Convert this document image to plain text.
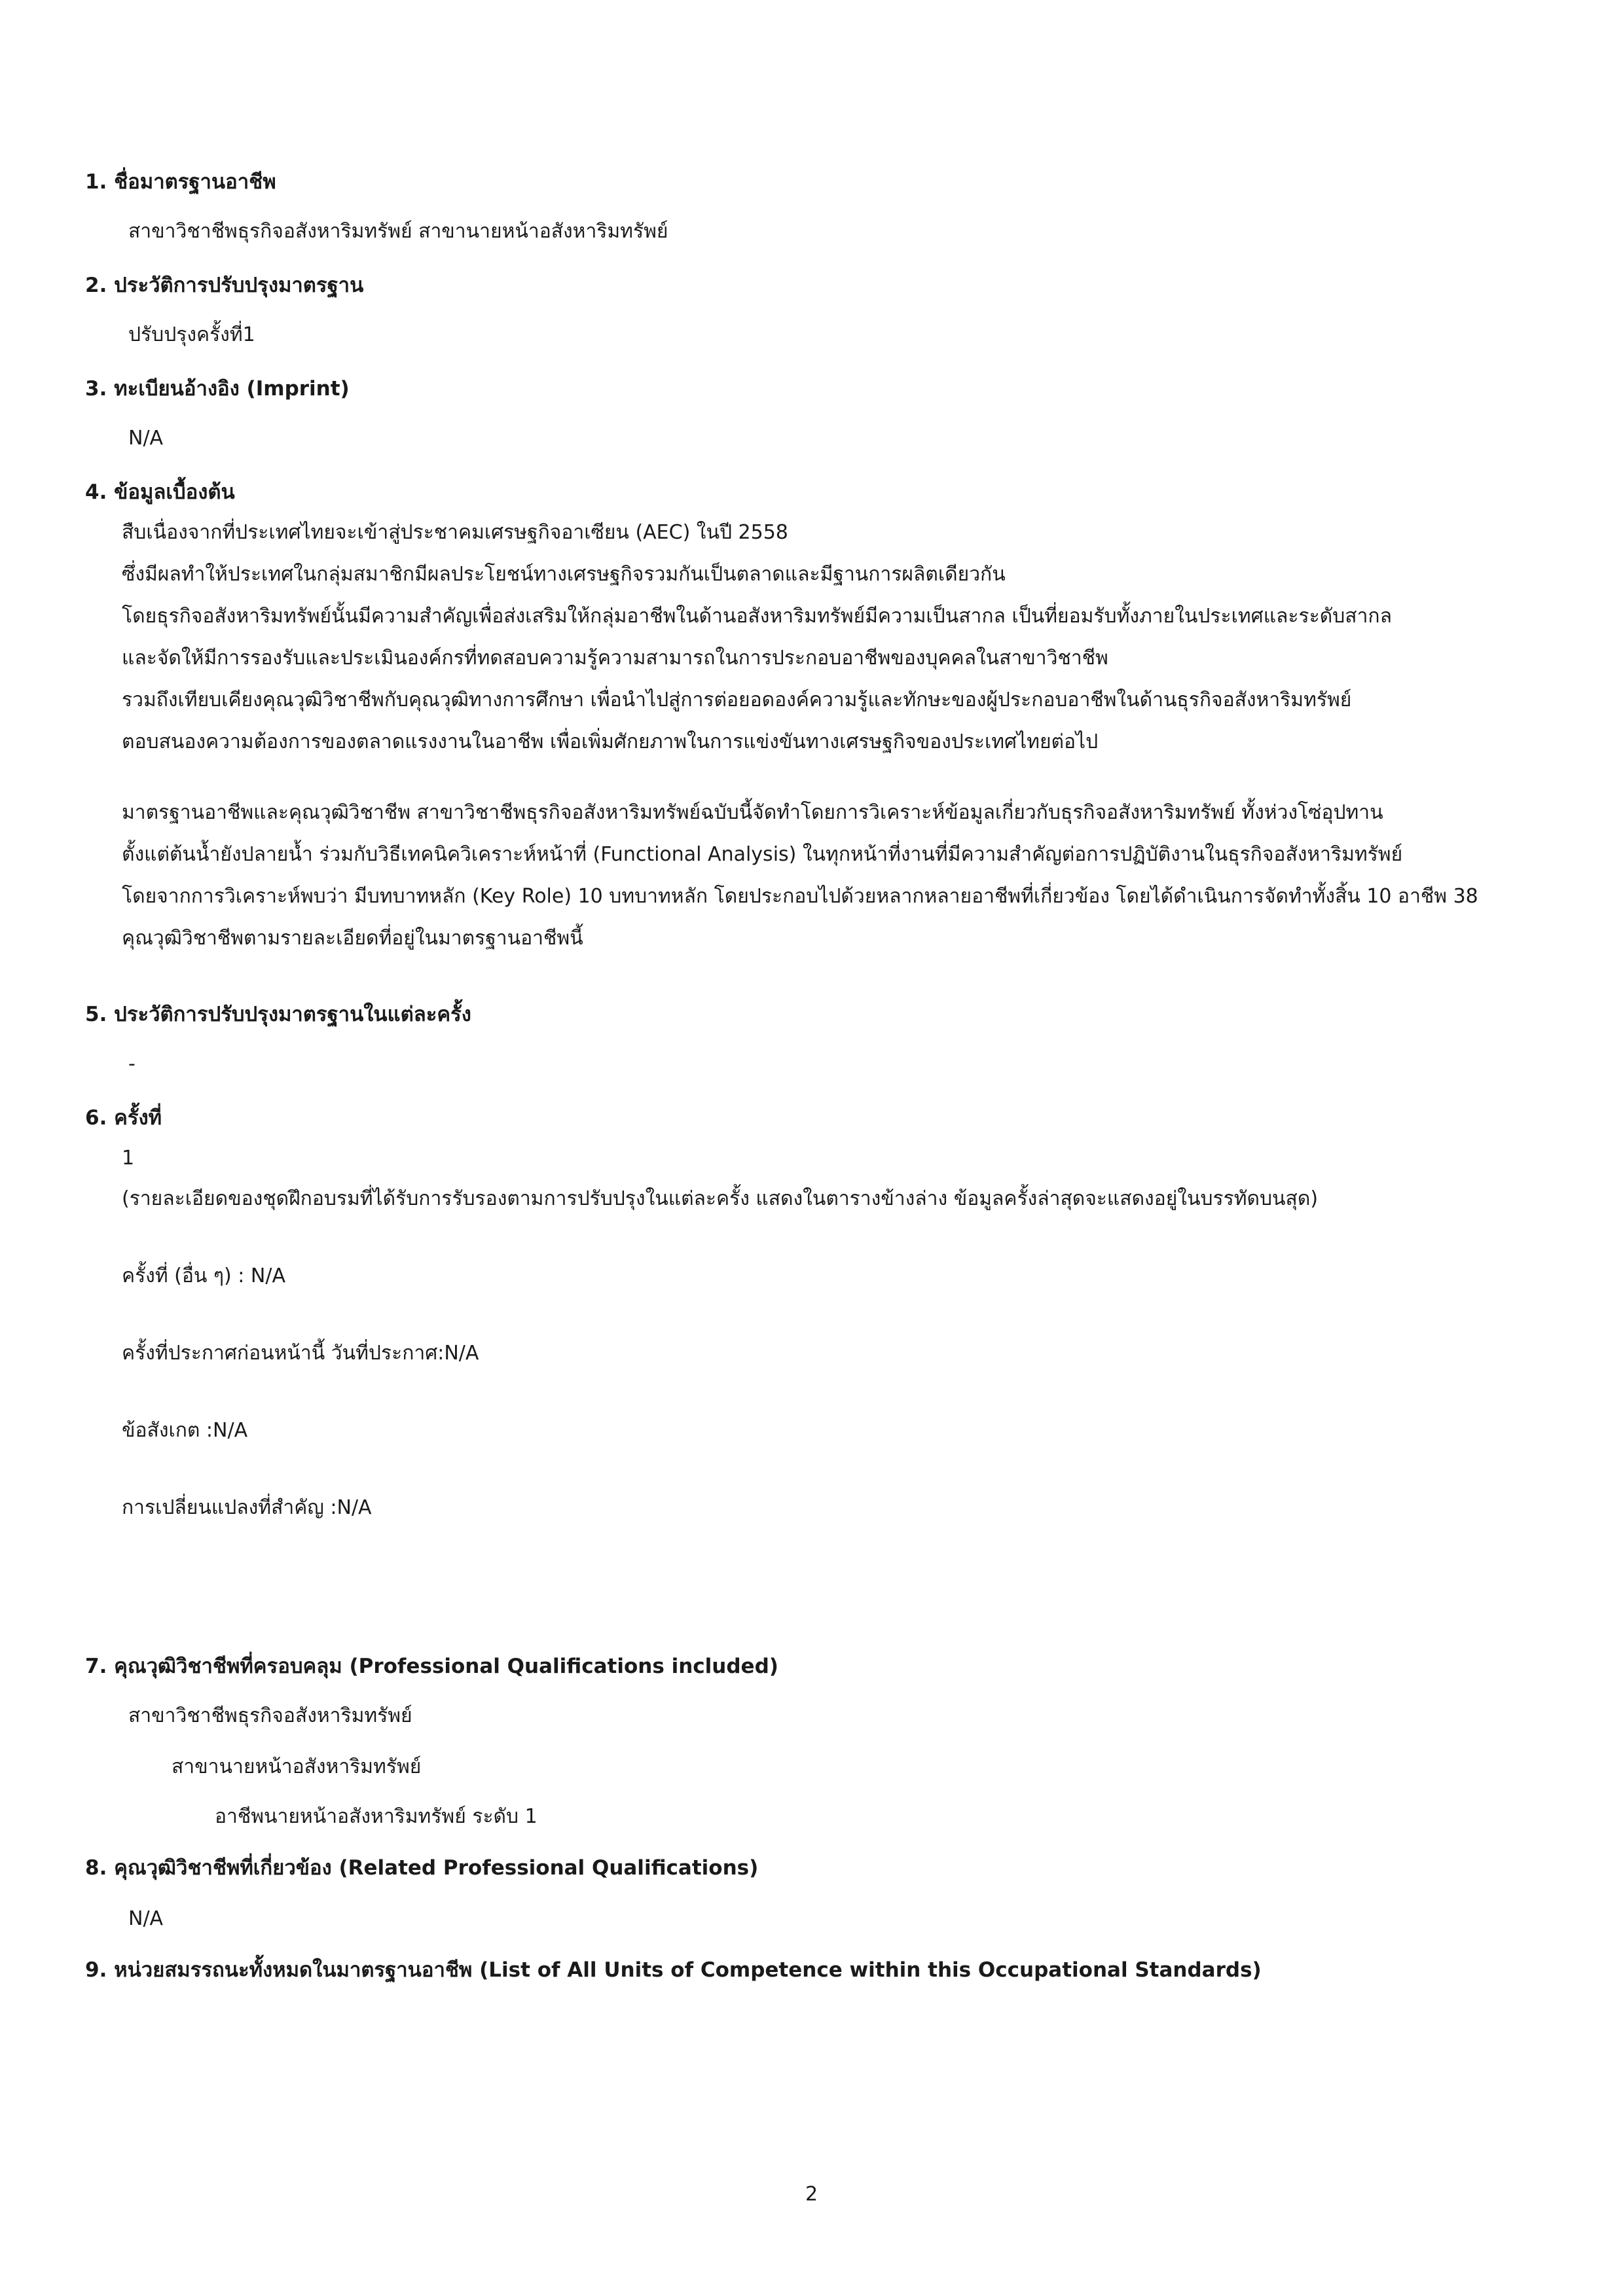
1. ชื่อมาตรฐานอาชีพ

สาขาวิชาชีพธุรกิจอสังหาริมทรัพย์ สาขานายหน้าอสังหาริมทรัพย์

2. ประวัติการปรับปรุงมาตรฐาน

ปรับปรุงครั้งที่1

3. ทะเบียนอ้างอิง (Imprint)

N/A

4. ข้อมูลเบื้องต้น

สืบเนื่องจากที่ประเทศไทยจะเข้าสู่ประชาคมเศรษฐกิจอาเซียน (AEC) ในปี 2558

ซึ่งมีผลทำให้ประเทศในกลุ่มสมาชิกมีผลประโยชน์ทางเศรษฐกิจรวมกันเป็นตลาดและมีฐานการผลิตเดียวกัน

โดยธุรกิจอสังหาริมทรัพย์นั้นมีความสำคัญเพื่อส่งเสริมให้กลุ่มอาชีพในด้านอสังหาริมทรัพย์มีความเป็นสากล เป็นที่ยอมรับทั้งภายในประเทศและระดับสากล

และจัดให้มีการรองรับและประเมินองค์กรที่ทดสอบความรู้ความสามารถในการประกอบอาชีพของบุคคลในสาขาวิชาชีพ

รวมถึงเทียบเคียงคุณวุฒิวิชาชีพกับคุณวุฒิทางการศึกษา เพื่อนำไปสู่การต่อยอดองค์ความรู้และทักษะของผู้ประกอบอาชีพในด้านธุรกิจอสังหาริมทรัพย์

ตอบสนองความต้องการของตลาดแรงงานในอาชีพ เพื่อเพิ่มศักยภาพในการแข่งขันทางเศรษฐกิจของประเทศไทยต่อไป

มาตรฐานอาชีพและคุณวุฒิวิชาชีพ สาขาวิชาชีพธุรกิจอสังหาริมทรัพย์ฉบับนี้จัดทำโดยการวิเคราะห์ข้อมูลเกี่ยวกับธุรกิจอสังหาริมทรัพย์ ทั้งห่วงโซ่อุปทาน

ตั้งแต่ต้นน้ำยังปลายน้ำ ร่วมกับวิธีเทคนิควิเคราะห์หน้าที่ (Functional Analysis) ในทุกหน้าที่งานที่มีความสำคัญต่อการปฏิบัติงานในธุรกิจอสังหาริมทรัพย์

โดยจากการวิเคราะห์พบว่า มีบทบาทหลัก (Key Role) 10 บทบาทหลัก โดยประกอบไปด้วยหลากหลายอาชีพที่เกี่ยวข้อง โดยได้ดำเนินการจัดทำทั้งสิ้น 10 อาชีพ 38

คุณวุฒิวิชาชีพตามรายละเอียดที่อยู่ในมาตรฐานอาชีพนี้

5. ประวัติการปรับปรุงมาตรฐานในแต่ละครั้ง

-

6. ครั้งที่

1

(รายละเอียดของชุดฝึกอบรมที่ได้รับการรับรองตามการปรับปรุงในแต่ละครั้ง แสดงในตารางข้างล่าง ข้อมูลครั้งล่าสุดจะแสดงอยู่ในบรรทัดบนสุด)

ครั้งที่ (อื่น ๆ) : N/A

ครั้งที่ประกาศก่อนหน้านี้ วันที่ประกาศ:N/A

ข้อสังเกต :N/A

การเปลี่ยนแปลงที่สำคัญ :N/A

7. คุณวุฒิวิชาชีพที่ครอบคลุม (Professional Qualifications included)

สาขาวิชาชีพธุรกิจอสังหาริมทรัพย์

สาขานายหน้าอสังหาริมทรัพย์

อาชีพนายหน้าอสังหาริมทรัพย์ ระดับ 1

8. คุณวุฒิวิชาชีพที่เกี่ยวข้อง (Related Professional Qualifications)

N/A

9. หน่วยสมรรถนะทั้งหมดในมาตรฐานอาชีพ (List of All Units of Competence within this Occupational Standards)

2
